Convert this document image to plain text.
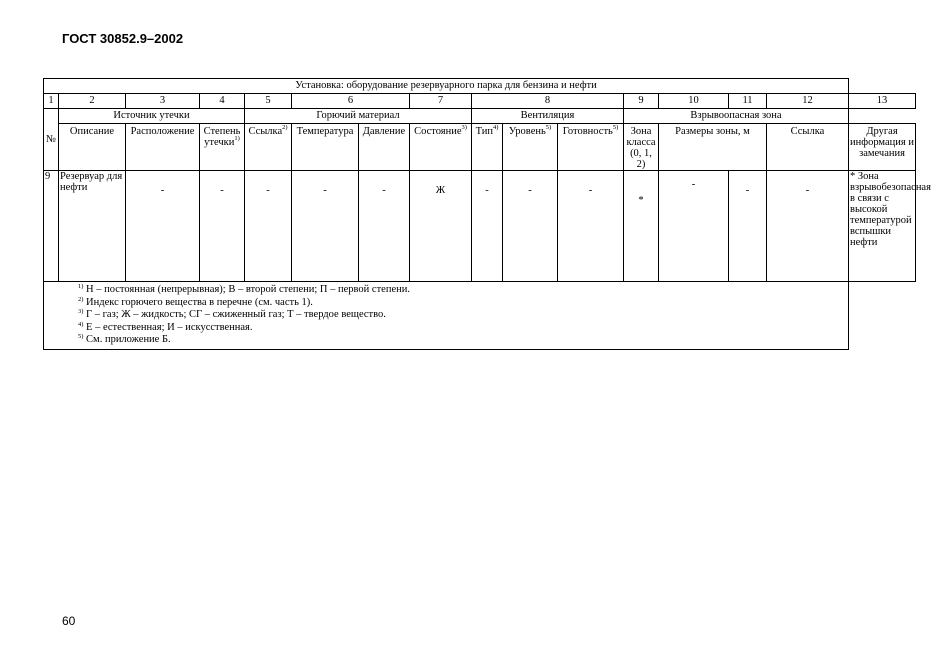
ГОСТ 30852.9–2002
Установка: оборудование резервуарного парка для бензина и нефти															
1	2	3	4	5	6		7	8			9	10	11	12	13
№	Источник утечки			Горючий материал				Вентиляция			Взрывоопасная зона				
	Описание	Расположение	Степень утечки$^{1)}$	Ссылка$^{2)}$	Температура	Давление	Состояние$^{3)}$	Тип$^{4)}$	Уровень$^{5)}$	Готовность$^{5)}$	Зона класса (0, 1, 2)	Размеры зоны, м		Ссылка	Другая информация и замечания
9	Резервуар для нефти	-	-	-	-	-	Ж	-	-	-	*	-	-	-	* Зона взрывобезопасная в связи с высокой температурой вспышки нефти

$^{1)}$ Н – постоянная (непрерывная); В – второй степени; П – первой степени.
$^{2)}$ Индекс горючего вещества в перечне (см. часть 1).
$^{3)}$ Г – газ; Ж – жидкость; СГ – сжиженный газ; Т – твердое вещество.
$^{4)}$ Е – естественная; И – искусственная.
$^{5)}$ См. приложение Б.															
60
